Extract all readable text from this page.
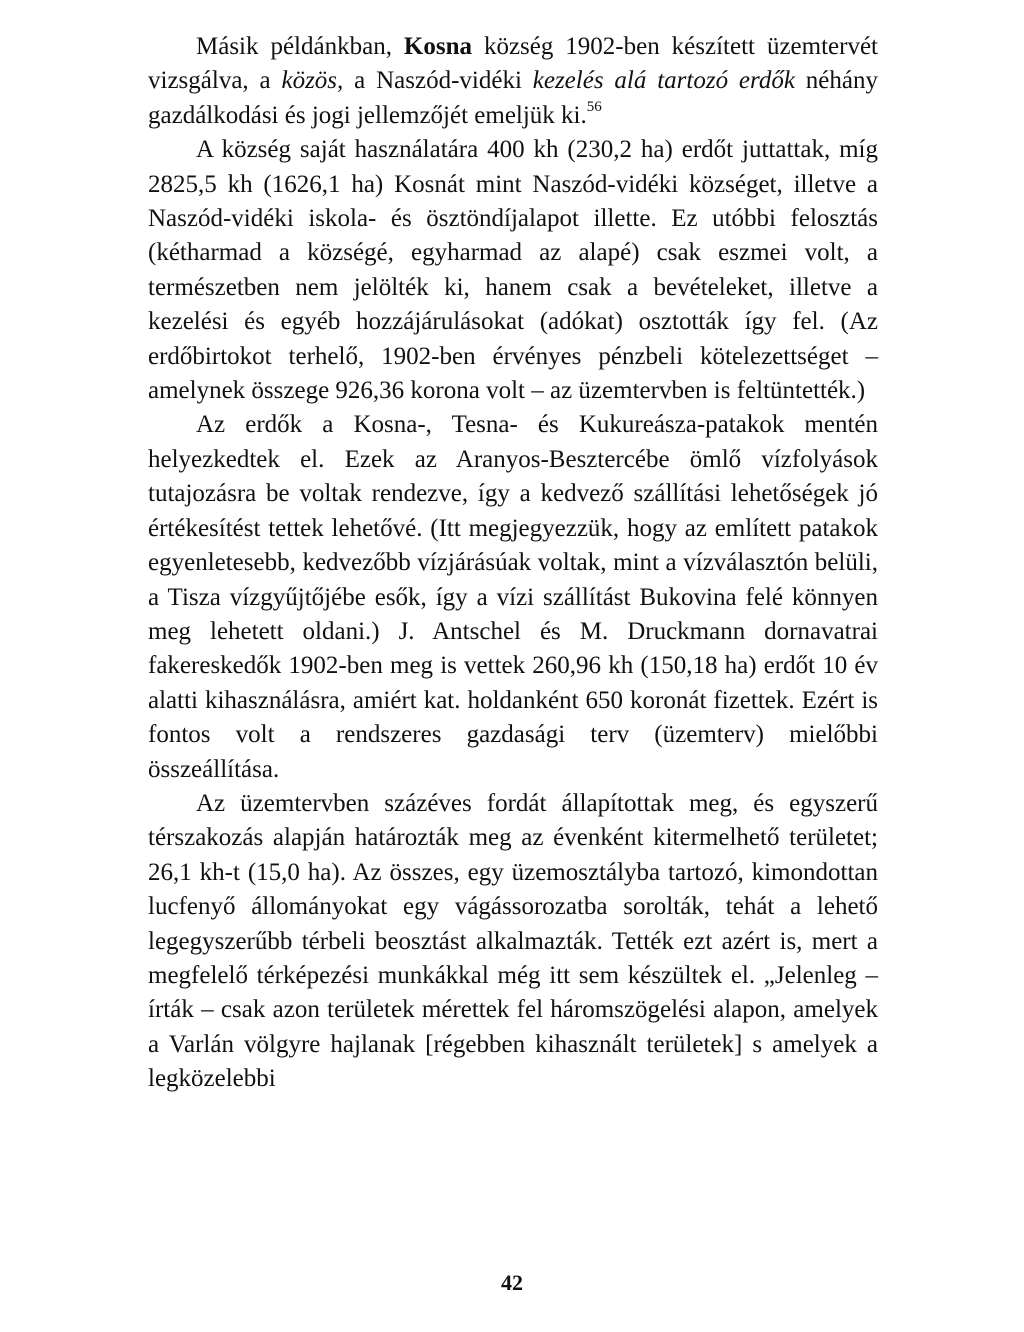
Másik példánkban, Kosna község 1902-ben készített üzemtervét vizsgálva, a közös, a Naszód-vidéki kezelés alá tartozó erdők néhány gazdálkodási és jogi jellemzőjét emeljük ki.$^{56}$

A község saját használatára 400 kh (230,2 ha) erdőt juttattak, míg 2825,5 kh (1626,1 ha) Kosnát mint Naszód-vidéki községet, illetve a Naszód-vidéki iskola- és ösztöndíjalapot illette. Ez utóbbi felosztás (kétharmad a községé, egyharmad az alapé) csak eszmei volt, a természetben nem jelölték ki, hanem csak a bevételeket, illetve a kezelési és egyéb hozzájárulásokat (adókat) osztották így fel. (Az erdőbirtokot terhelő, 1902-ben érvényes pénzbeli kötelezettséget – amelynek összege 926,36 korona volt – az üzemtervben is feltüntették.)

Az erdők a Kosna-, Tesna- és Kukureásza-patakok mentén helyezkedtek el. Ezek az Aranyos-Besztercébe ömlő vízfolyások tutajozásra be voltak rendezve, így a kedvező szállítási lehetőségek jó értékesítést tettek lehetővé. (Itt megjegyezzük, hogy az említett patakok egyenletesebb, kedvezőbb vízjárásúak voltak, mint a vízválasztón belüli, a Tisza vízgyűjtőjébe esők, így a vízi szállítást Bukovina felé könnyen meg lehetett oldani.) J. Antschel és M. Druckmann dornavatrai fakereskedők 1902-ben meg is vettek 260,96 kh (150,18 ha) erdőt 10 év alatti kihasználásra, amiért kat. holdanként 650 koronát fizettek. Ezért is fontos volt a rendszeres gazdasági terv (üzemterv) mielőbbi összeállítása.

Az üzemtervben százéves fordát állapítottak meg, és egyszerű térszakozás alapján határozták meg az évenként kitermelhető területet; 26,1 kh-t (15,0 ha). Az összes, egy üzemosztályba tartozó, kimondottan lucfenyő állományokat egy vágássorozatba sorolták, tehát a lehető legegyszerűbb térbeli beosztást alkalmazták. Tették ezt azért is, mert a megfelelő térképezési munkákkal még itt sem készültek el. „Jelenleg – írták – csak azon területek mérettek fel háromszögelési alapon, amelyek a Varlán völgyre hajlanak [régebben kihasznált területek] s amelyek a legközelebbi

42
